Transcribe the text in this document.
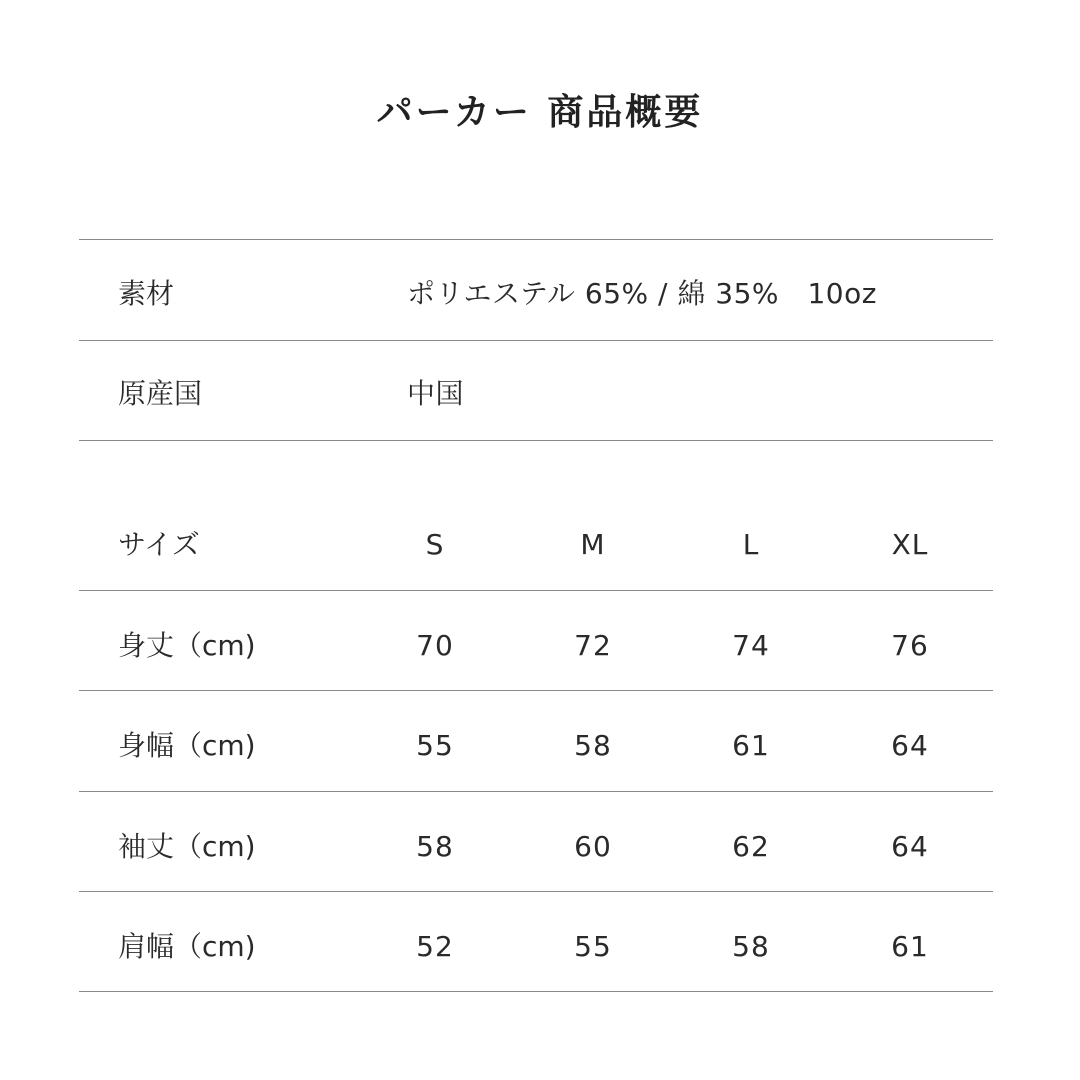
パーカー 商品概要
素材	ポリエステル 65% / 綿 35%　10oz
原産国	中国
サイズ	S	M	L	XL
身丈（cm)	70	72	74	76
身幅（cm)	55	58	61	64
袖丈（cm)	58	60	62	64
肩幅（cm)	52	55	58	61
